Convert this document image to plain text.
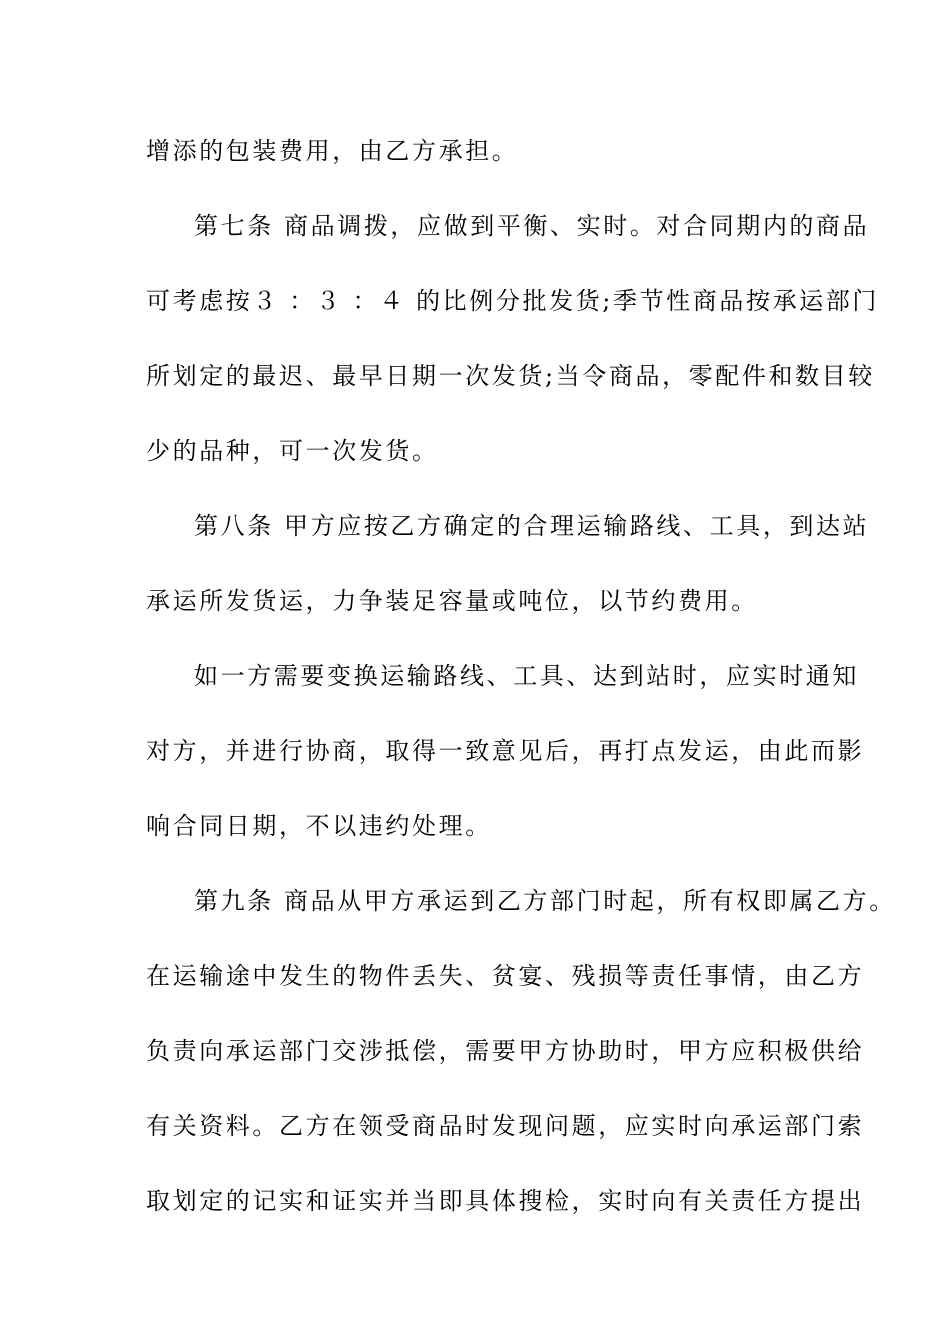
增添的包装费用，由乙方承担。
第七条 商品调拨，应做到平衡、实时。对合同期内的商品
可考虑按３ ：３ ：４ 的比例分批发货;季节性商品按承运部门
所划定的最迟、最早日期一次发货;当令商品，零配件和数目较
少的品种，可一次发货。
第八条 甲方应按乙方确定的合理运输路线、工具，到达站
承运所发货运，力争装足容量或吨位，以节约费用。
如一方需要变换运输路线、工具、达到站时，应实时通知
对方，并进行协商，取得一致意见后，再打点发运，由此而影
响合同日期，不以违约处理。
第九条 商品从甲方承运到乙方部门时起，所有权即属乙方。
在运输途中发生的物件丢失、贫宴、残损等责任事情，由乙方
负责向承运部门交涉抵偿，需要甲方协助时，甲方应积极供给
有关资料。乙方在领受商品时发现问题，应实时向承运部门索
取划定的记实和证实并当即具体搜检，实时向有关责任方提出
